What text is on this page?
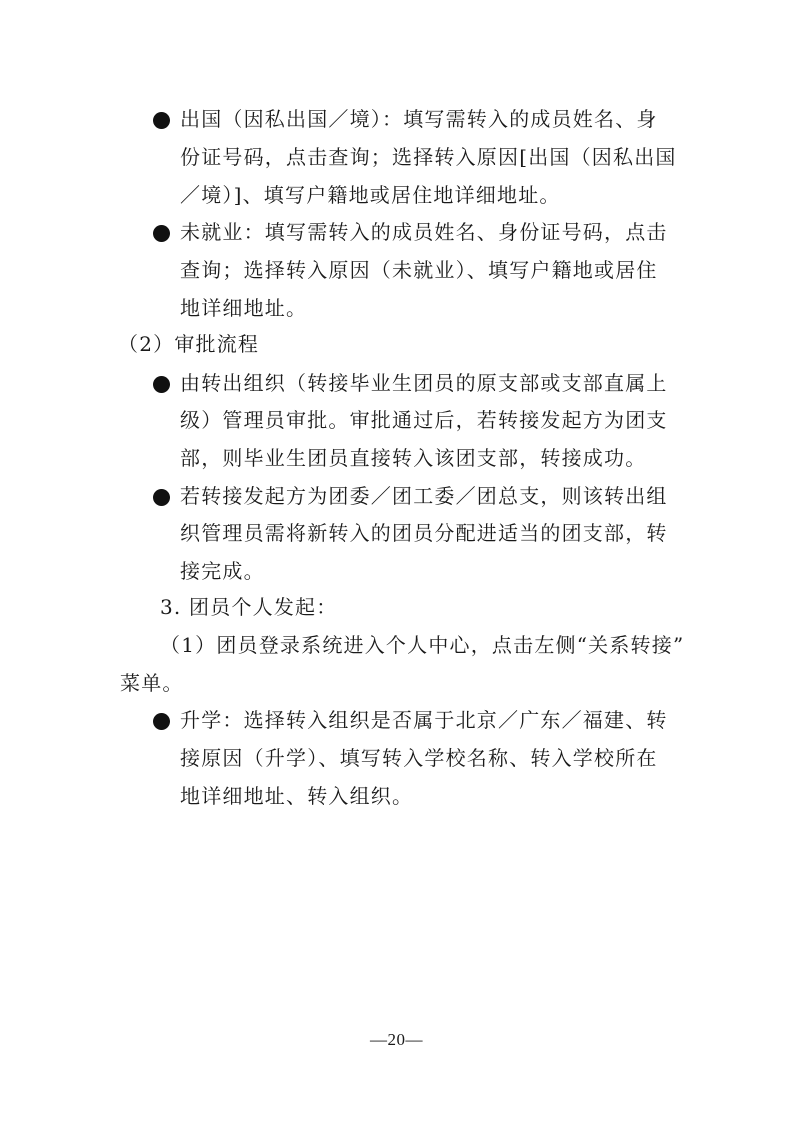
出国（因私出国／境）：填写需转入的成员姓名、身
份证号码，点击查询；选择转入原因[出国（因私出国
／境）]、填写户籍地或居住地详细地址。
未就业：填写需转入的成员姓名、身份证号码，点击
查询；选择转入原因（未就业）、填写户籍地或居住
地详细地址。
（2）审批流程
由转出组织（转接毕业生团员的原支部或支部直属上
级）管理员审批。审批通过后，若转接发起方为团支
部，则毕业生团员直接转入该团支部，转接成功。
若转接发起方为团委／团工委／团总支，则该转出组
织管理员需将新转入的团员分配进适当的团支部，转
接完成。
3. 团员个人发起：
（1）团员登录系统进入个人中心，点击左侧“关系转接”
菜单。
升学：选择转入组织是否属于北京／广东／福建、转
接原因（升学）、填写转入学校名称、转入学校所在
地详细地址、转入组织。
—20—
